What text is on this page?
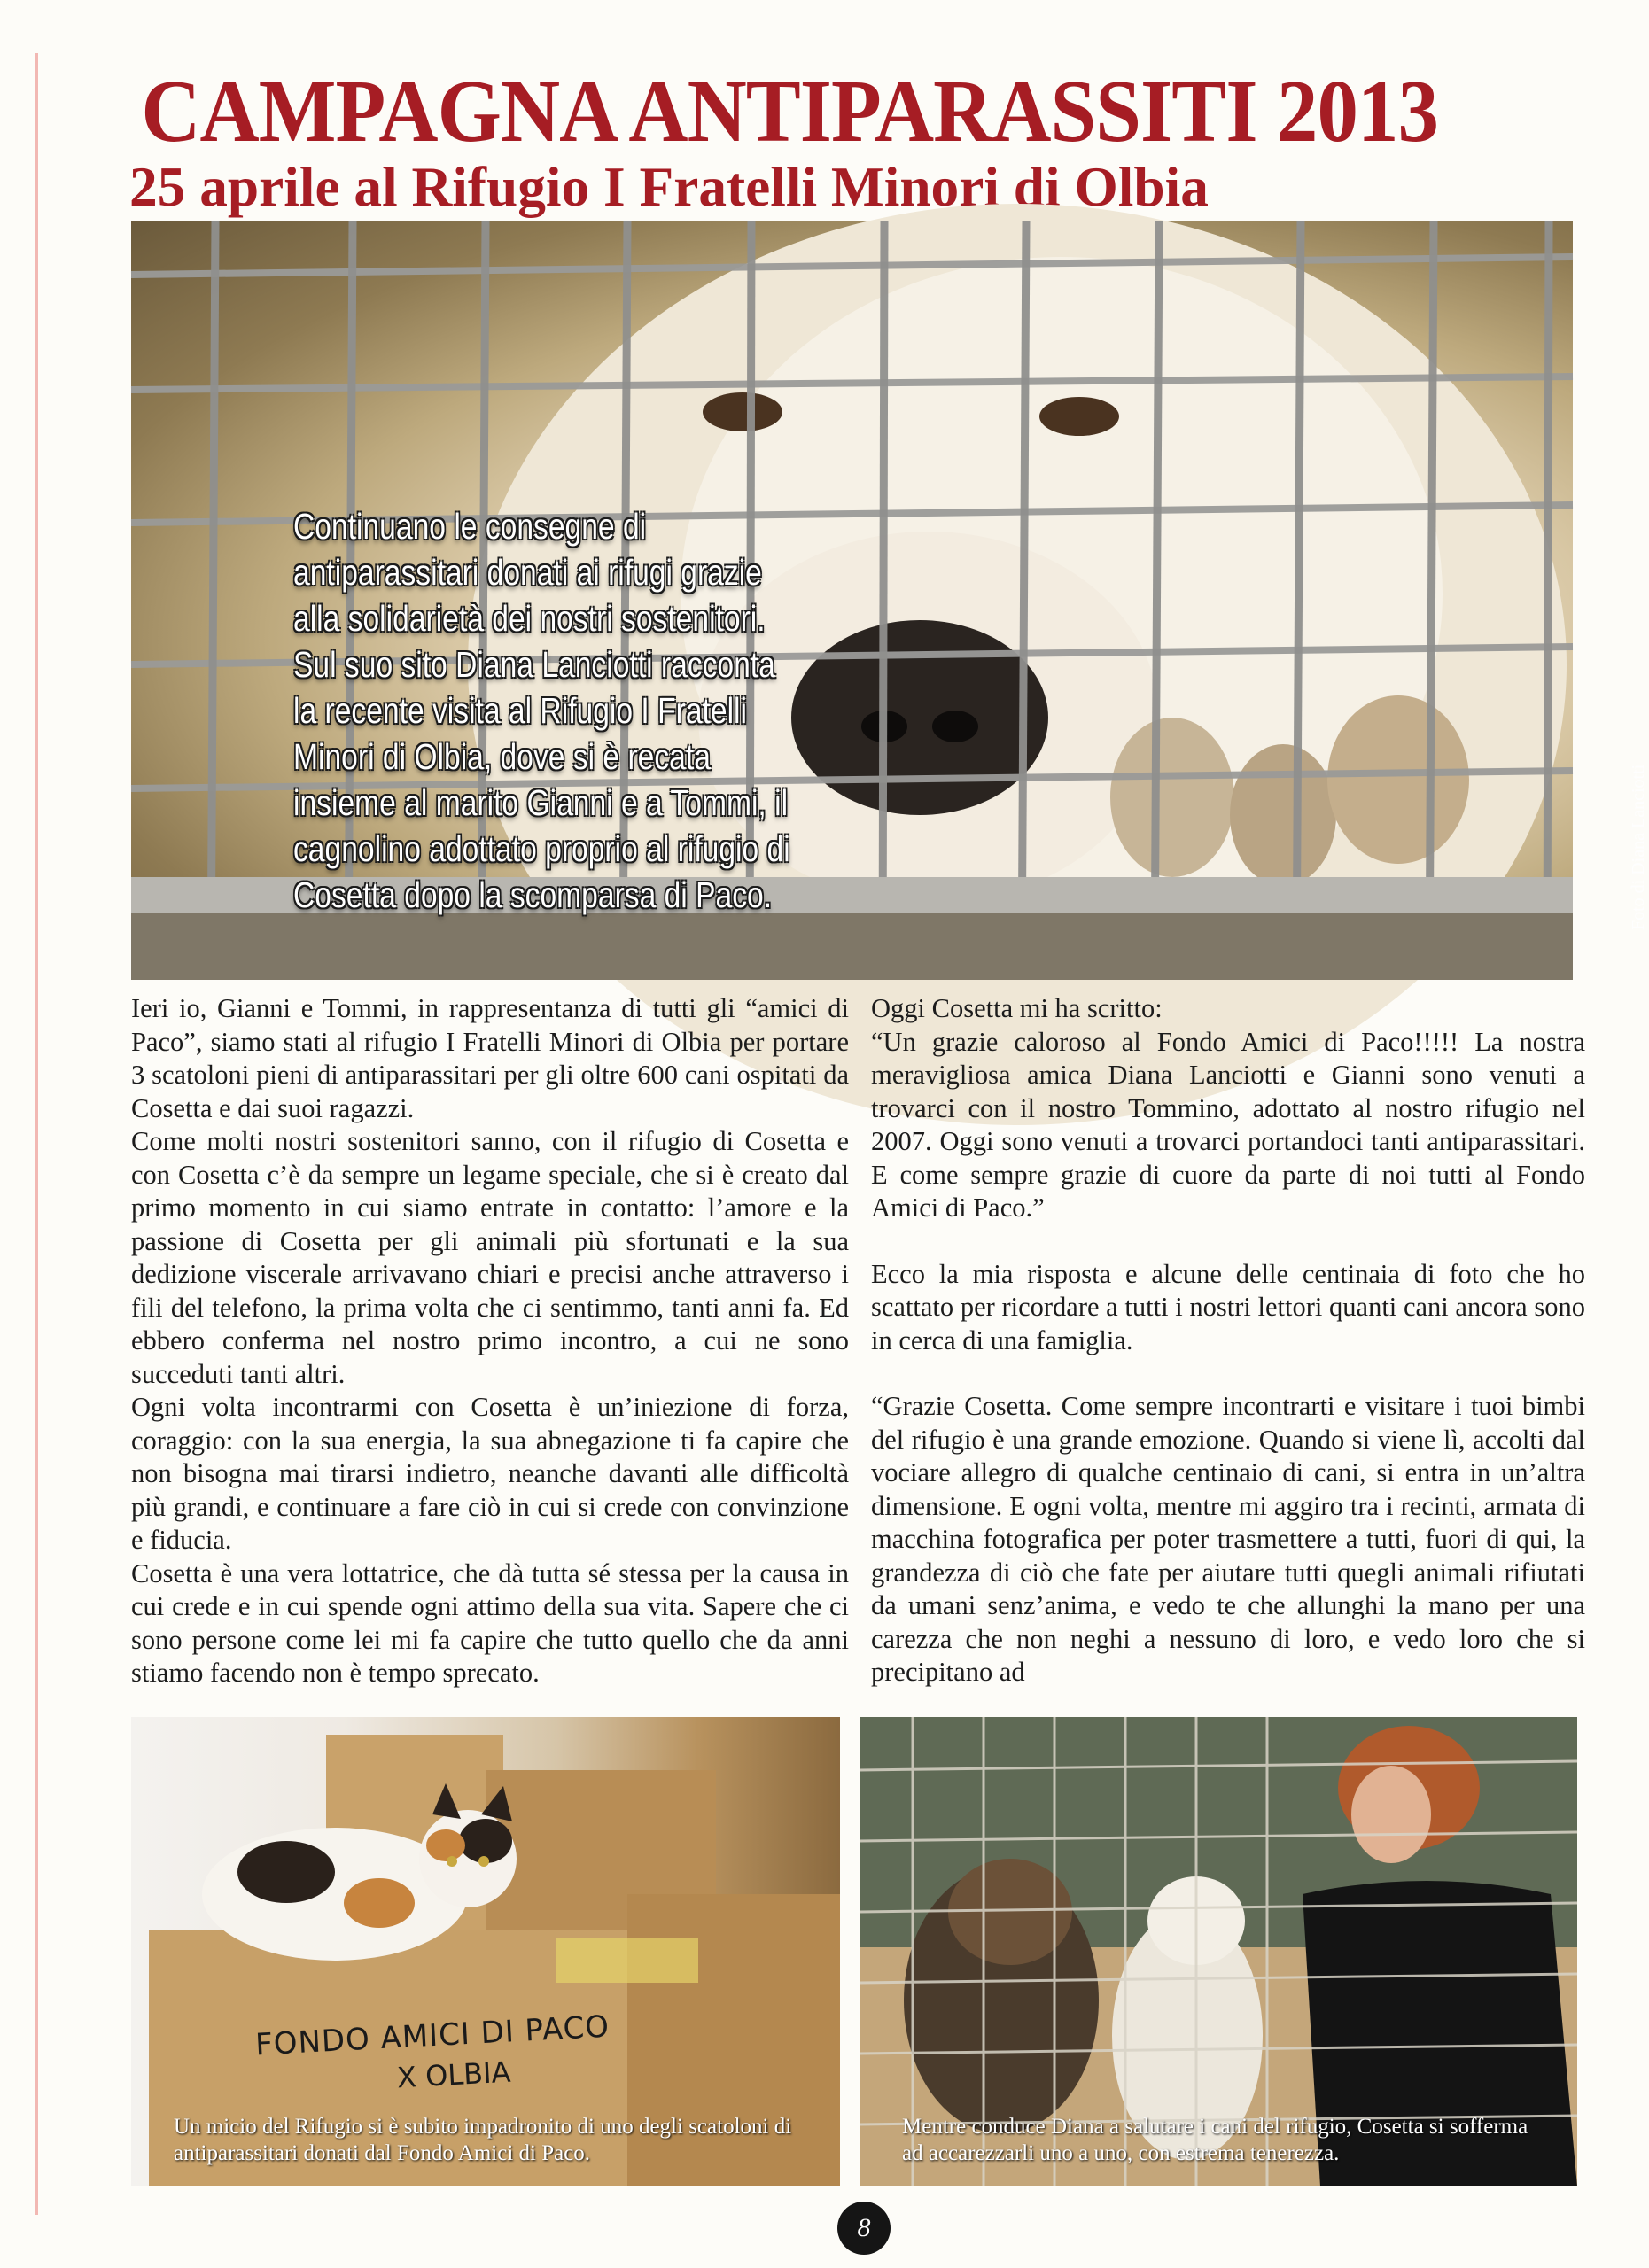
CAMPAGNA ANTIPARASSITI 2013
25 aprile al Rifugio I Fratelli Minori di Olbia

Continuano le consegne di antiparassitari donati ai rifugi grazie alla solidarietà dei nostri sostenitori. Sul suo sito Diana Lanciotti racconta la recente visita al Rifugio I Fratelli Minori di Olbia, dove si è recata insieme al marito Gianni e a Tommi, il cagnolino adottato proprio al rifugio di Cosetta dopo la scomparsa di Paco.	Foto di Diana Lanciotti

Ieri io, Gianni e Tommi, in rappresentanza di tutti gli “amici di Paco”, siamo stati al rifugio I Fratelli Minori di Olbia per portare 3 scatoloni pieni di antiparassitari per gli oltre 600 cani ospitati da Cosetta e dai suoi ragazzi.

Come molti nostri sostenitori sanno, con il rifugio di Cosetta e con Cosetta c’è da sempre un legame speciale, che si è creato dal primo momento in cui siamo entrate in contatto: l’amore e la passione di Cosetta per gli animali più sfortunati e la sua dedizione viscerale arrivavano chiari e precisi anche attraverso i fili del telefono, la prima volta che ci sentimmo, tanti anni fa. Ed ebbero conferma nel nostro primo incontro, a cui ne sono succeduti tanti altri.

Ogni volta incontrarmi con Cosetta è un’iniezione di forza, coraggio: con la sua energia, la sua abnegazione ti fa capire che non bisogna mai tirarsi indietro, neanche davanti alle difficoltà più grandi, e continuare a fare ciò in cui si crede con convinzione e fiducia.

Cosetta è una vera lottatrice, che dà tutta sé stessa per la causa in cui crede e in cui spende ogni attimo della sua vita. Sapere che ci sono persone come lei mi fa capire che tutto quello che da anni stiamo facendo non è tempo sprecato.

Oggi Cosetta mi ha scritto:

“Un grazie caloroso al Fondo Amici di Paco!!!!! La nostra meravigliosa amica Diana Lanciotti e Gianni sono venuti a trovarci con il nostro Tommino, adottato al nostro rifugio nel 2007. Oggi sono venuti a trovarci portandoci tanti antiparassitari. E come sempre grazie di cuore da parte di noi tutti al Fondo Amici di Paco.”

Ecco la mia risposta e alcune delle centinaia di foto che ho scattato per ricordare a tutti i nostri lettori quanti cani ancora sono in cerca di una famiglia.

“Grazie Cosetta. Come sempre incontrarti e visitare i tuoi bimbi del rifugio è una grande emozione. Quando si viene lì, accolti dal vociare allegro di qualche centinaio di cani, si entra in un’altra dimensione. E ogni volta, mentre mi aggiro tra i recinti, armata di macchina fotografica per poter trasmettere a tutti, fuori di qui, la grandezza di ciò che fate per aiutare tutti quegli animali rifiutati da umani senz’anima, e vedo te che allunghi la mano per una carezza che non neghi a nessuno di loro, e vedo loro che si precipitano ad

FONDO AMICI DI PACO
X OLBIA
Un micio del Rifugio si è subito impadronito di uno degli scatoloni di antiparassitari donati dal Fondo Amici di Paco.
Mentre conduce Diana a salutare i cani del rifugio, Cosetta si sofferma ad accarezzarli uno a uno, con estrema tenerezza.
8
